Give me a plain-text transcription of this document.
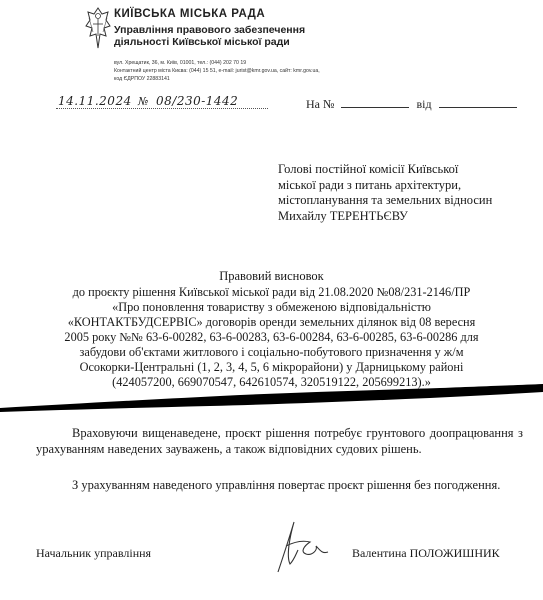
КИЇВСЬКА МІСЬКА РАДА
Управління правового забезпечення
діяльності Київської міської ради
вул. Хрещатик, 36, м. Київ, 01001, тел.: (044) 202 70 19
Контактний центр міста Києва: (044) 15 51, e-mail: jurist@kmr.gov.ua, сайт: kmr.gov.ua,
код ЄДРПОУ 22883141
14.11.2024 № 08/230-1442	На №	від
Голові постійної комісії Київської
міської ради з питань архітектури,
містопланування та земельних відносин
Михайлу ТЕРЕНТЬЄВУ
Правовий висновок
до проєкту рішення Київської міської ради від 21.08.2020 №08/231-2146/ПР
«Про поновлення товариству з обмеженою відповідальністю
«КОНТАКТБУДСЕРВІС» договорів оренди земельних ділянок від 08 вересня
2005 року №№ 63-6-00282, 63-6-00283, 63-6-00284, 63-6-00285, 63-6-00286 для
забудови об'єктами житлового і соціально-побутового призначення у ж/м
Осокорки-Центральні (1, 2, 3, 4, 5, 6 мікрорайони) у Дарницькому районі
(424057200, 669070547, 642610574, 320519122, 205699213).»
Враховуючи вищенаведене, проєкт рішення потребує грунтового доопрацювання з урахуванням наведених зауважень, а також відповідних судових рішень.
З урахуванням наведеного управління повертає проєкт рішення без погодження.
Начальник управління	Валентина ПОЛОЖИШНИК
